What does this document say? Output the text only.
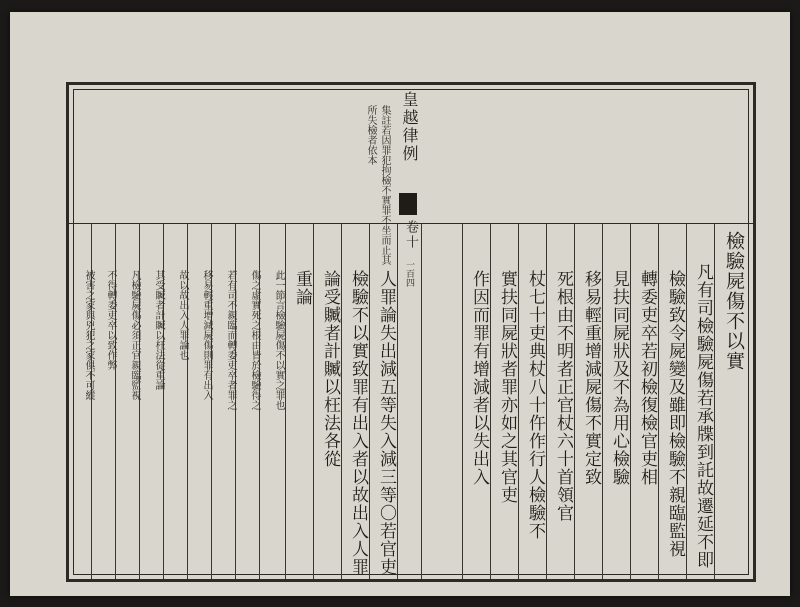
皇越律例
卷十
一百四
集註若因罪犯拘檢不實罪不坐而止其
所失檢者依本
檢驗屍傷不以實
凡有司檢驗屍傷若承牒到託故遷延不即
檢驗致令屍變及雖即檢驗不親臨監視
轉委吏卒若初檢復檢官吏相
見扶同屍狀及不為用心檢驗
移易輕重增減屍傷不實定致
死根由不明者正官杖六十首領官
杖七十吏典杖八十仵作行人檢驗不
實扶同屍狀者罪亦如之其官吏
作因而罪有增減者以失出入
人罪論失出減五等失入減三等〇若官吏
檢驗不以實致罪有出入者以故出入人罪
論受贓者計贓以枉法各從
重論
此一節言檢驗屍傷不以實之罪也
傷之虛實死之根由皆於檢驗得之
若有司不親臨而轉委吏卒者罪之
移易輕重增減屍傷則罪有出入
故以故出入人罪論也
其受贓者計贓以枉法從重論
凡檢驗屍傷必須正官親臨監視
不得轉委吏卒以致作弊
被害之家與兇犯之家俱不可縱
